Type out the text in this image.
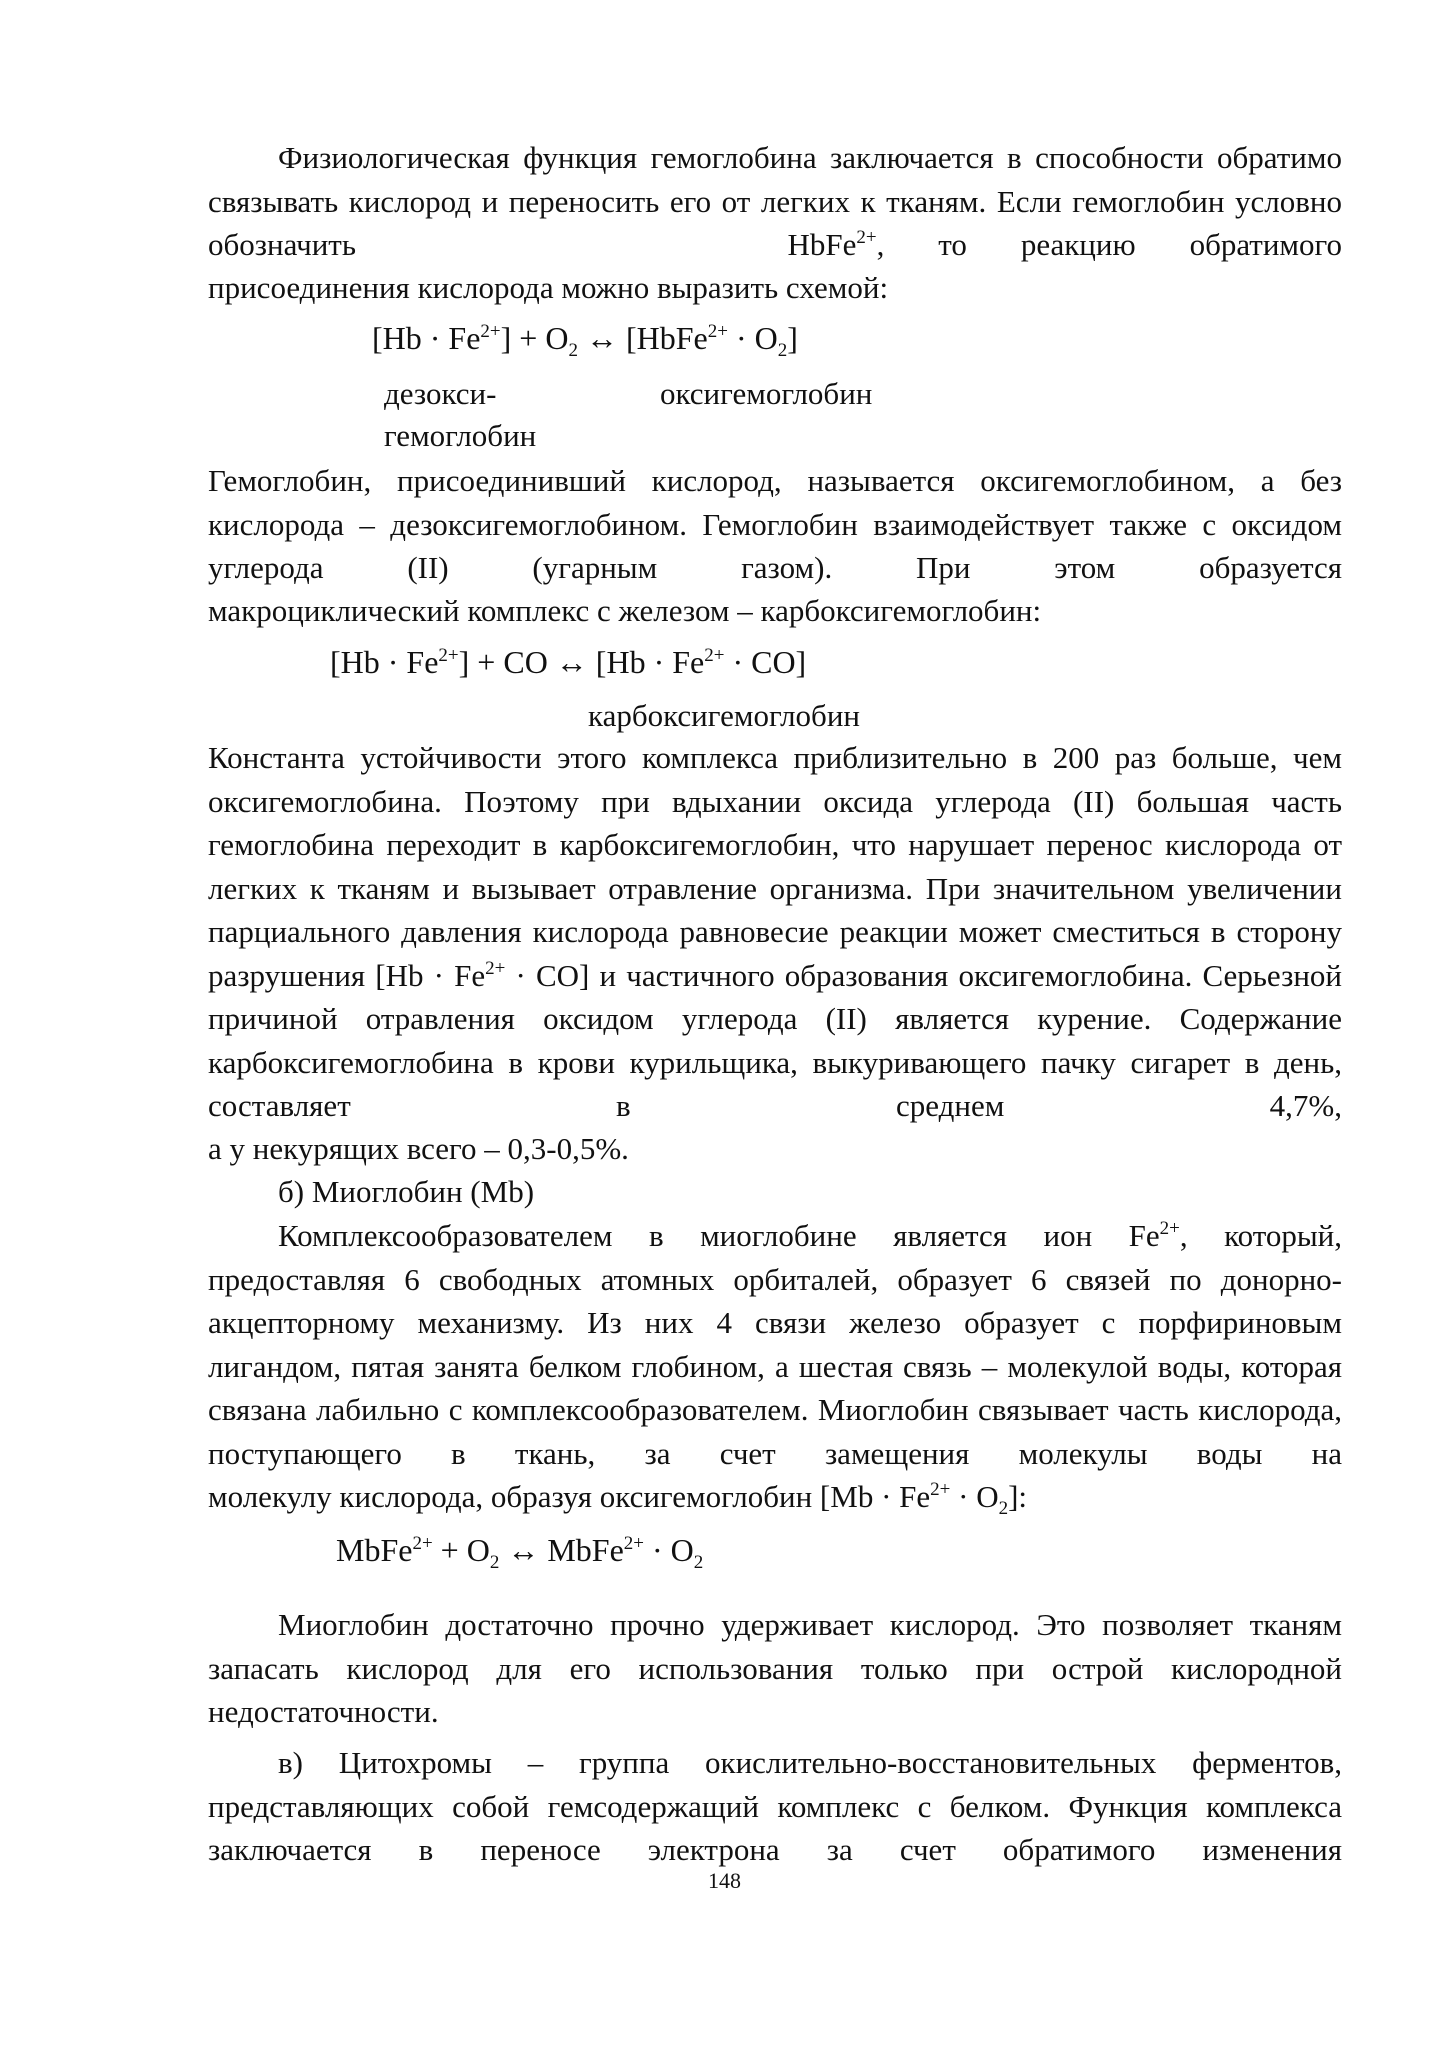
Физиологическая функция гемоглобина заключается в способности обратимо связывать кислород и переносить его от легких к тканям. Если гемоглобин условно обозначить	HbFe$^{2+}$, то реакцию обратимого

присоединения кислорода можно выразить схемой:

$[Hb \cdot Fe^{2+}] + O_2$ ↔ [HbFe$^{2+}$ · $O_2$]
дезокси-	оксигемоглобин
гемоглобин

Гемоглобин, присоединивший кислород, называется оксигемоглобином, а без кислорода – дезоксигемоглобином. Гемоглобин взаимодействует также с оксидом углерода (II) (угарным газом). При этом образуется

макроциклический комплекс с железом – карбоксигемоглобин:

$[Hb \cdot Fe^{2+}]$ + CO ↔ $[Hb \cdot Fe^{2+} \cdot CO]$
карбоксигемоглобин

Константа устойчивости этого комплекса приблизительно в 200 раз больше, чем оксигемоглобина. Поэтому при вдыхании оксида углерода (II) большая часть гемоглобина переходит в карбоксигемоглобин, что нарушает перенос кислорода от легких к тканям и вызывает отравление организма. При значительном увеличении парциального давления кислорода равновесие реакции может сместиться в сторону разрушения $[Hb \cdot Fe^{2+} \cdot CO]$ и частичного образования оксигемоглобина. Серьезной причиной отравления оксидом углерода (II) является курение. Содержание карбоксигемоглобина в крови курильщика, выкуривающего пачку сигарет в день, составляет в среднем 4,7%,

а у некурящих всего – 0,3-0,5%.

б) Миоглобин (Mb)

Комплексообразователем в миоглобине является ион $Fe^{2+}$, который, предоставляя 6 свободных атомных орбиталей, образует 6 связей по донорно-акцепторному механизму. Из них 4 связи железо образует с порфириновым лигандом, пятая занята белком глобином, а шестая связь – молекулой воды, которая связана лабильно с комплексообразователем. Миоглобин связывает часть кислорода, поступающего в ткань, за счет замещения молекулы воды на

молекулу кислорода, образуя оксигемоглобин $[Mb \cdot Fe^{2+} \cdot O_2]$:

MbFe$^{2+}$ + $O_2$ ↔ MbFe$^{2+}$ · $O_2$

Миоглобин достаточно прочно удерживает кислород. Это позволяет тканям запасать кислород для его использования только при острой кислородной

недостаточности.

в) Цитохромы – группа окислительно-восстановительных ферментов, представляющих собой гемсодержащий комплекс с белком. Функция комплекса заключается в переносе электрона за счет обратимого изменения

148
